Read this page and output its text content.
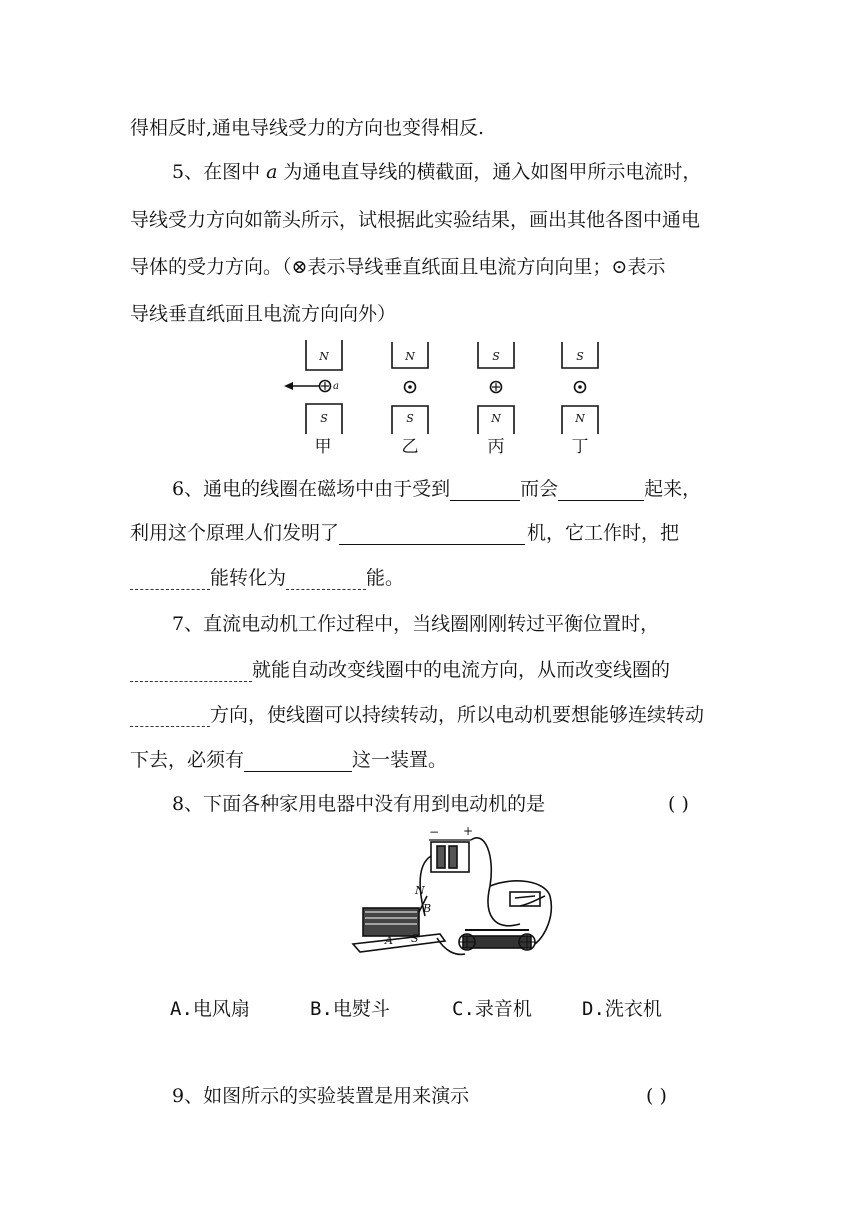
得相反时,通电导线受力的方向也变得相反.
5、在图中 a 为通电直导线的横截面，通入如图甲所示电流时，
导线受力方向如箭头所示，试根据此实验结果，画出其他各图中通电
导体的受力方向。（⊗表示导线垂直纸面且电流方向向里；⊙表示
导线垂直纸面且电流方向向外）
N
S
a
甲
N
S
乙
S
N
丙
S
N
丁
6、通电的线圈在磁场中由于受到	而会	起来，
利用这个原理人们发明了	机，它工作时，把
能转化为	能。
7、直流电动机工作过程中，当线圈刚刚转过平衡位置时，
就能自动改变线圈中的电流方向，从而改变线圈的
方向，使线圈可以持续转动，所以电动机要想能够连续转动
下去，必须有	这一装置。
8、下面各种家用电器中没有用到电动机的是	( )
− +
N
B
A S
A.电风扇	B.电熨斗	C.录音机	D.洗衣机
9、如图所示的实验装置是用来演示	( )
